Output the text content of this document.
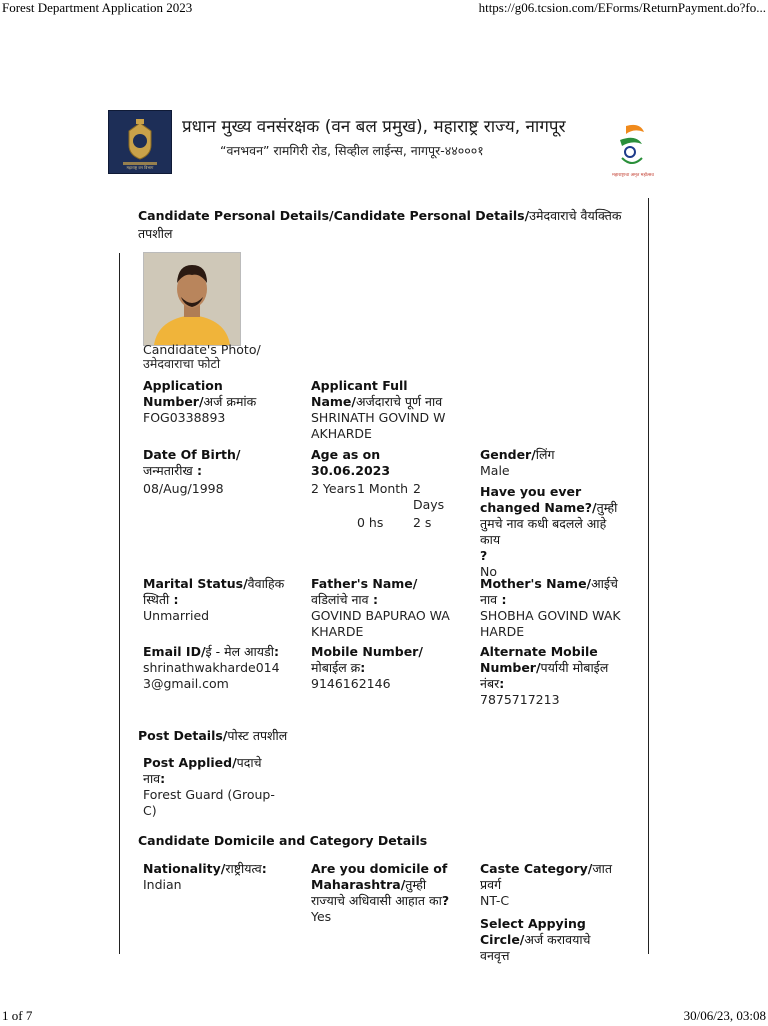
Forest Department Application 2023	https://g06.tcsion.com/EForms/ReturnPayment.do?fo...
महाराष्ट्र वन विभाग
प्रधान मुख्य वनसंरक्षक (वन बल प्रमुख), महाराष्ट्र राज्य, नागपूर
“वनभवन” रामगिरी रोड, सिव्हील लाईन्स, नागपूर-४४०००१
महाराष्ट्राचा अमृत महोत्सव
Candidate Personal Details/Candidate Personal Details/उमेदवाराचे वैयक्तिक तपशील
Candidate's Photo/उमेदवाराचा फोटो
Application Number/अर्ज क्रमांक
FOG0338893
Applicant Full Name/अर्जदाराचे पूर्ण नाव
SHRINATH GOVIND WAKHARDE
Date Of Birth/जन्मतारीख :
08/Aug/1998
Age as on 30.06.2023
2 Years 1 Month 2 Days
0 hs	2 s
Gender/लिंग
Male
Have you ever changed Name?/तुम्ही तुमचे नाव कधी बदलले आहे काय
?
No
Marital Status/वैवाहिक स्थिती :
Unmarried
Father's Name/वडिलांचे नाव :
GOVIND BAPURAO WAKHARDE
Mother's Name/आईचे नाव :
SHOBHA GOVIND WAKHARDE
Email ID/ई - मेल आयडी:
shrinathwakharde0143@gmail.com
Mobile Number/मोबाईल क्र:
9146162146
Alternate Mobile Number/पर्यायी मोबाईल नंबर:
7875717213
Post Details/पोस्ट तपशील
Post Applied/पदाचे नाव:
Forest Guard (Group-C)
Candidate Domicile and Category Details
Nationality/राष्ट्रीयत्व:
Indian
Are you domicile of Maharashtra/तुम्ही राज्याचे अधिवासी आहात का?
Yes
Caste Category/जात प्रवर्ग
NT-C
Select Appying Circle/अर्ज करावयाचे वनवृत्त
1 of 7	30/06/23, 03:08
